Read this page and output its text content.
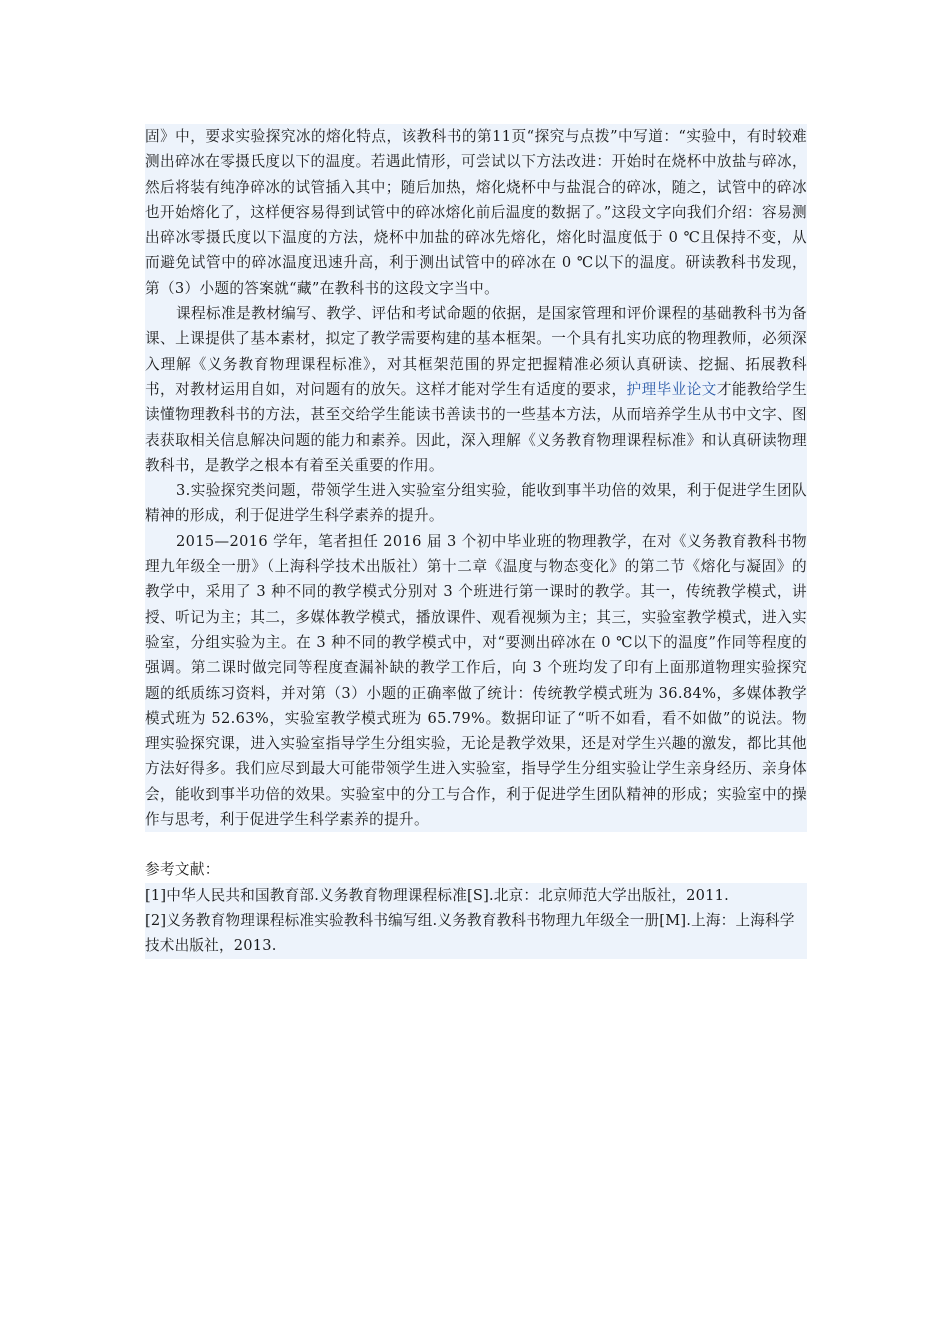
固》中，要求实验探究冰的熔化特点，该教科书的第11页“探究与点拨”中写道：“实验中，有时较难测出碎冰在零摄氏度以下的温度。若遇此情形，可尝试以下方法改进：开始时在烧杯中放盐与碎冰，然后将装有纯净碎冰的试管插入其中；随后加热，熔化烧杯中与盐混合的碎冰，随之，试管中的碎冰也开始熔化了，这样便容易得到试管中的碎冰熔化前后温度的数据了。”这段文字向我们介绍：容易测出碎冰零摄氏度以下温度的方法，烧杯中加盐的碎冰先熔化，熔化时温度低于 0 ℃且保持不变，从而避免试管中的碎冰温度迅速升高，利于测出试管中的碎冰在 0 ℃以下的温度。研读教科书发现，第（3）小题的答案就“藏”在教科书的这段文字当中。

课程标准是教材编写、教学、评估和考试命题的依据，是国家管理和评价课程的基础教科书为备课、上课提供了基本素材，拟定了教学需要构建的基本框架。一个具有扎实功底的物理教师，必须深入理解《义务教育物理课程标准》，对其框架范围的界定把握精准必须认真研读、挖掘、拓展教科书，对教材运用自如，对问题有的放矢。这样才能对学生有适度的要求，护理毕业论文才能教给学生读懂物理教科书的方法，甚至交给学生能读书善读书的一些基本方法，从而培养学生从书中文字、图表获取相关信息解决问题的能力和素养。因此，深入理解《义务教育物理课程标准》和认真研读物理教科书，是教学之根本有着至关重要的作用。

3.实验探究类问题，带领学生进入实验室分组实验，能收到事半功倍的效果，利于促进学生团队精神的形成，利于促进学生科学素养的提升。

2015—2016 学年，笔者担任 2016 届 3 个初中毕业班的物理教学，在对《义务教育教科书物理九年级全一册》（上海科学技术出版社）第十二章《温度与物态变化》的第二节《熔化与凝固》的教学中，采用了 3 种不同的教学模式分别对 3 个班进行第一课时的教学。其一，传统教学模式，讲授、听记为主；其二，多媒体教学模式，播放课件、观看视频为主；其三，实验室教学模式，进入实验室，分组实验为主。在 3 种不同的教学模式中，对“要测出碎冰在 0 ℃以下的温度”作同等程度的强调。第二课时做完同等程度查漏补缺的教学工作后，向 3 个班均发了印有上面那道物理实验探究题的纸质练习资料，并对第（3）小题的正确率做了统计：传统教学模式班为 36.84%，多媒体教学模式班为 52.63%，实验室教学模式班为 65.79%。数据印证了“听不如看，看不如做”的说法。物理实验探究课，进入实验室指导学生分组实验，无论是教学效果，还是对学生兴趣的激发，都比其他方法好得多。我们应尽到最大可能带领学生进入实验室，指导学生分组实验让学生亲身经历、亲身体会，能收到事半功倍的效果。实验室中的分工与合作，利于促进学生团队精神的形成；实验室中的操作与思考，利于促进学生科学素养的提升。

参考文献：

[1]中华人民共和国教育部.义务教育物理课程标准[S].北京：北京师范大学出版社，2011.

[2]义务教育物理课程标准实验教科书编写组.义务教育教科书物理九年级全一册[M].上海：上海科学技术出版社，2013.
